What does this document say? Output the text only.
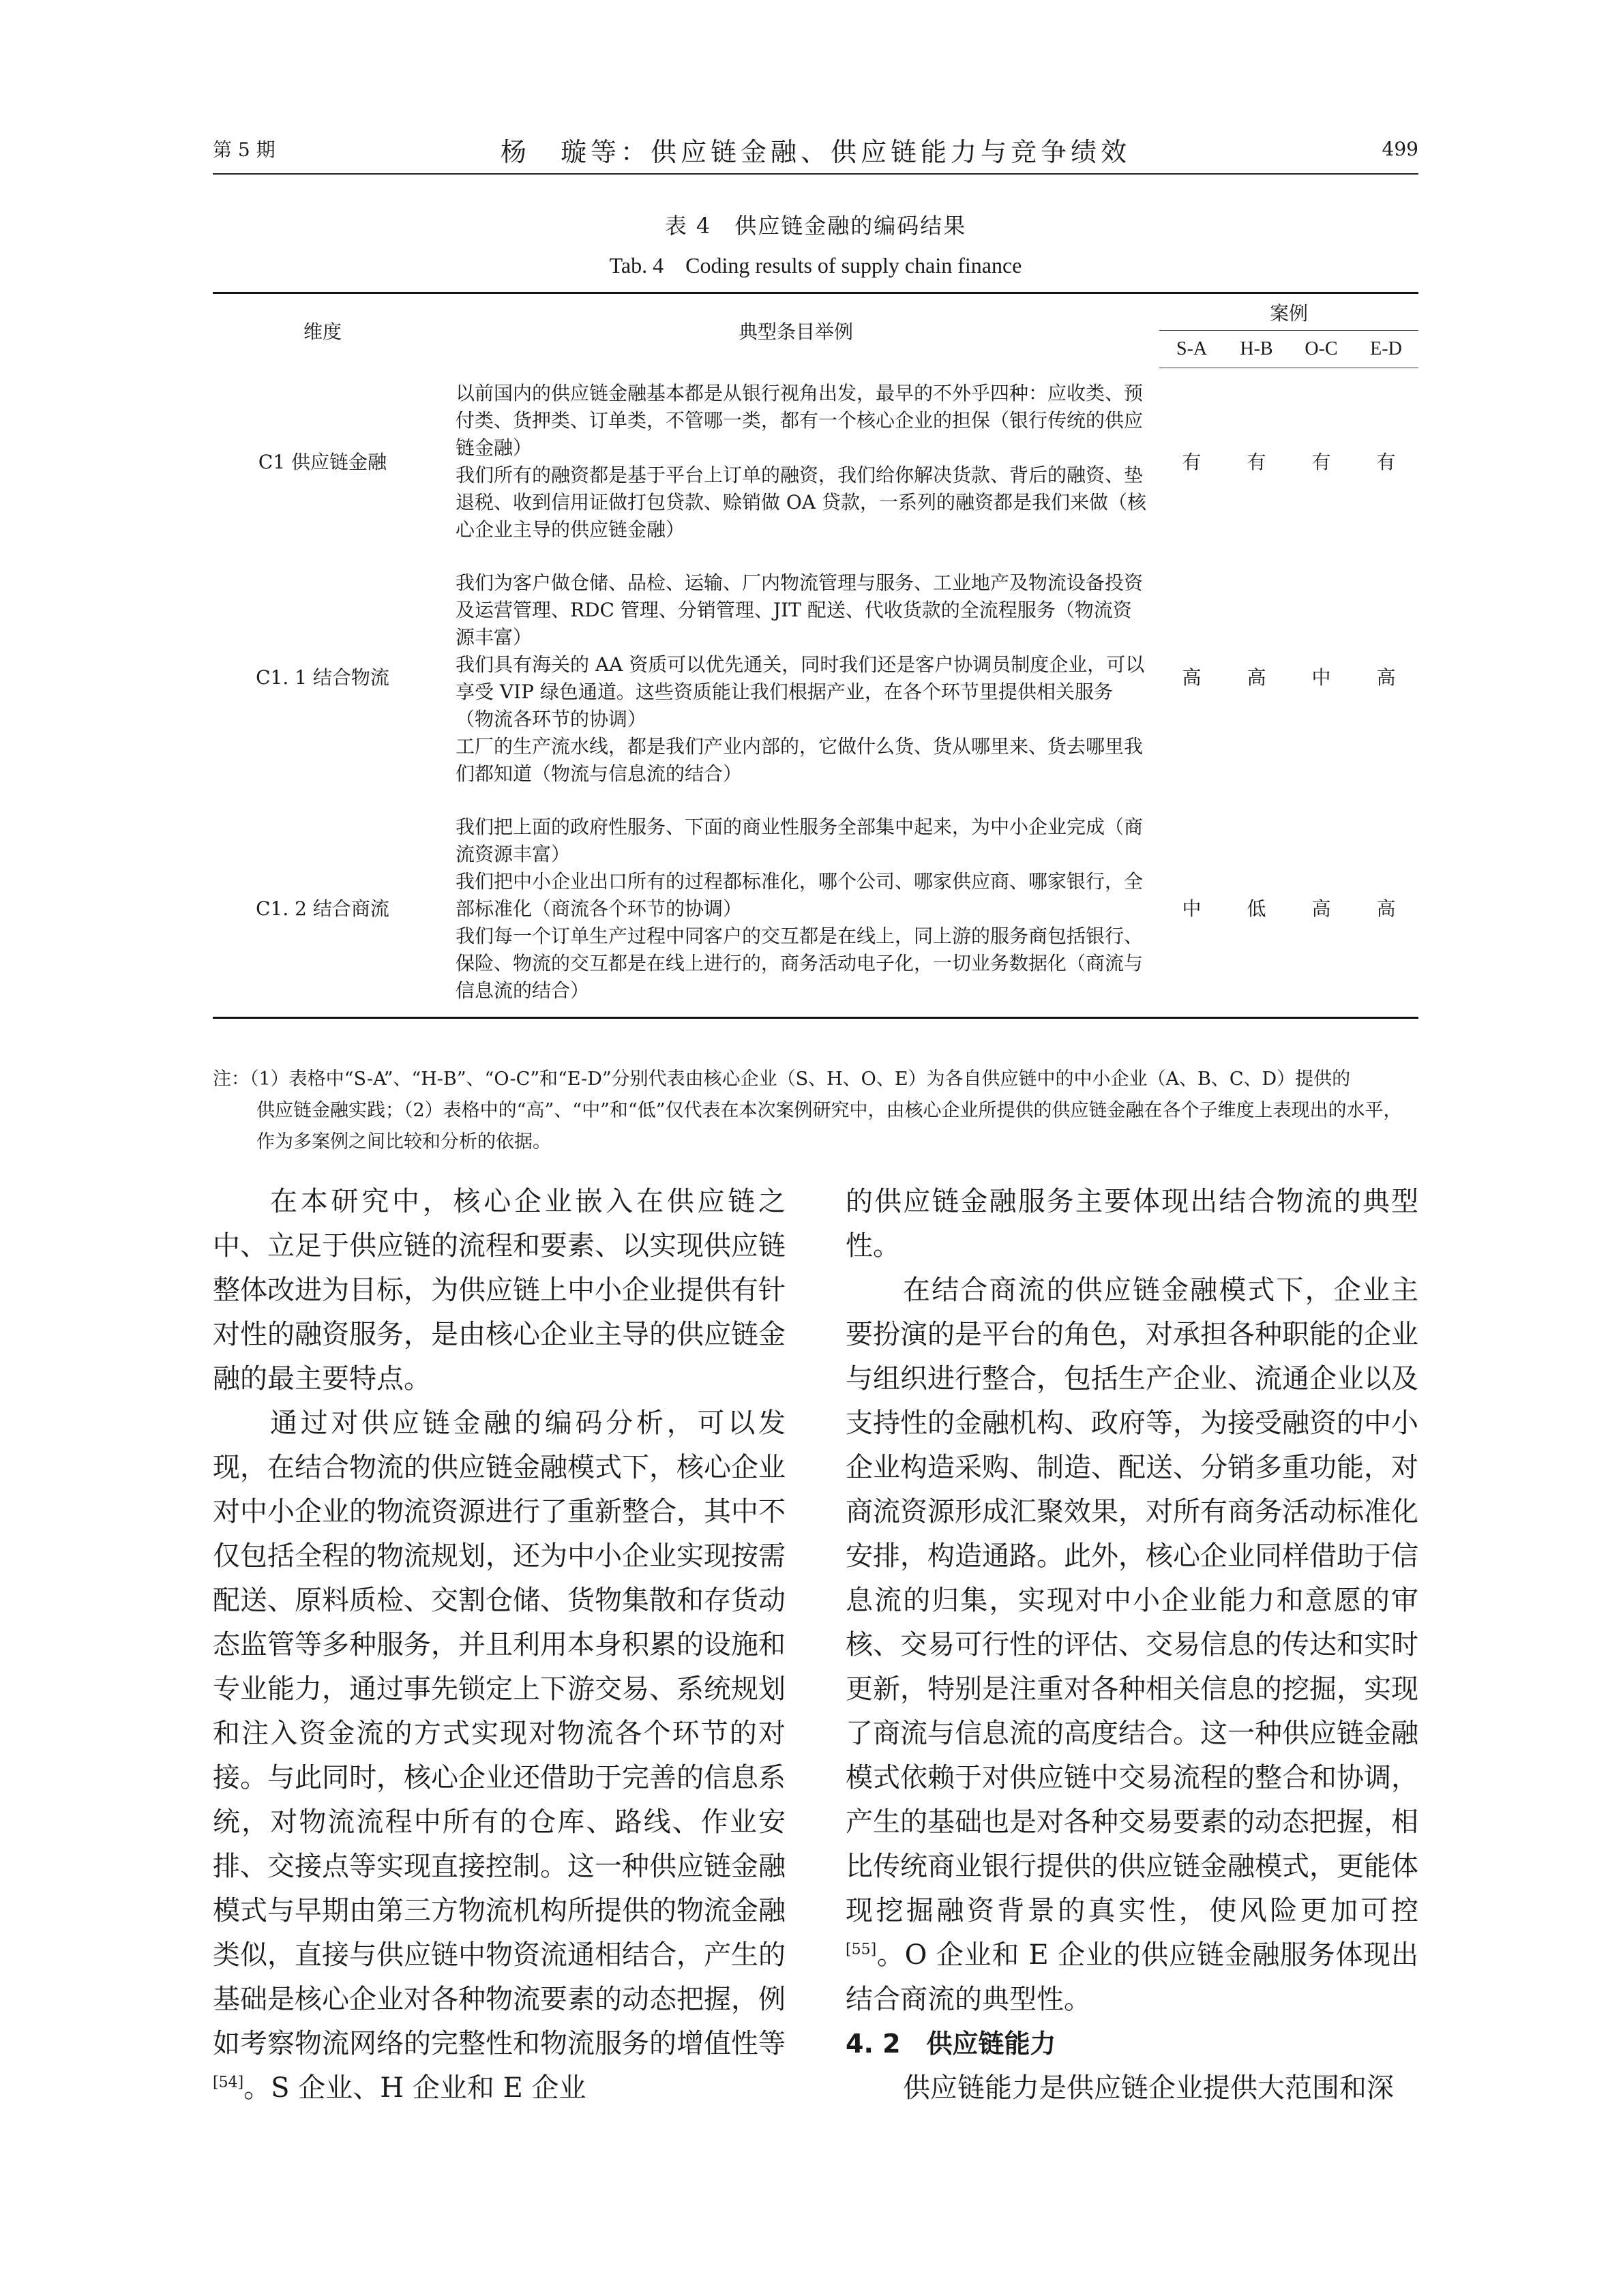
第 5 期	杨　璇等：供应链金融、供应链能力与竞争绩效	499
表 4　供应链金融的编码结果
Tab. 4　Coding results of supply chain finance
维度	典型条目举例	案例			
		S-A	H-B	O-C	E-D
C1 供应链金融	以前国内的供应链金融基本都是从银行视角出发，最早的不外乎四种：应收类、预付类、货押类、订单类，不管哪一类，都有一个核心企业的担保（银行传统的供应链金融）

我们所有的融资都是基于平台上订单的融资，我们给你解决货款、背后的融资、垫退税、收到信用证做打包贷款、赊销做 OA 贷款，一系列的融资都是我们来做（核心企业主导的供应链金融）	有	有	有	有
C1. 1 结合物流	我们为客户做仓储、品检、运输、厂内物流管理与服务、工业地产及物流设备投资及运营管理、RDC 管理、分销管理、JIT 配送、代收货款的全流程服务（物流资源丰富）

我们具有海关的 AA 资质可以优先通关，同时我们还是客户协调员制度企业，可以享受 VIP 绿色通道。这些资质能让我们根据产业，在各个环节里提供相关服务（物流各环节的协调）

工厂的生产流水线，都是我们产业内部的，它做什么货、货从哪里来、货去哪里我们都知道（物流与信息流的结合）	高	高	中	高
C1. 2 结合商流	我们把上面的政府性服务、下面的商业性服务全部集中起来，为中小企业完成（商流资源丰富）

我们把中小企业出口所有的过程都标准化，哪个公司、哪家供应商、哪家银行，全部标准化（商流各个环节的协调）

我们每一个订单生产过程中同客户的交互都是在线上，同上游的服务商包括银行、保险、物流的交互都是在线上进行的，商务活动电子化，一切业务数据化（商流与信息流的结合）	中	低	高	高
注：（1）表格中“S-A”、“H-B”、“O-C”和“E-D”分别代表由核心企业（S、H、O、E）为各自供应链中的中小企业（A、B、C、D）提供的
供应链金融实践；（2）表格中的“高”、“中”和“低”仅代表在本次案例研究中，由核心企业所提供的供应链金融在各个子维度上表现出的水平，作为多案例之间比较和分析的依据。

在本研究中，核心企业嵌入在供应链之中、立足于供应链的流程和要素、以实现供应链整体改进为目标，为供应链上中小企业提供有针对性的融资服务，是由核心企业主导的供应链金融的最主要特点。

通过对供应链金融的编码分析，可以发现，在结合物流的供应链金融模式下，核心企业对中小企业的物流资源进行了重新整合，其中不仅包括全程的物流规划，还为中小企业实现按需配送、原料质检、交割仓储、货物集散和存货动态监管等多种服务，并且利用本身积累的设施和专业能力，通过事先锁定上下游交易、系统规划和注入资金流的方式实现对物流各个环节的对接。与此同时，核心企业还借助于完善的信息系统，对物流流程中所有的仓库、路线、作业安排、交接点等实现直接控制。这一种供应链金融模式与早期由第三方物流机构所提供的物流金融类似，直接与供应链中物资流通相结合，产生的基础是核心企业对各种物流要素的动态把握，例如考察物流网络的完整性和物流服务的增值性等[54]。S 企业、H 企业和 E 企业

的供应链金融服务主要体现出结合物流的典型性。

在结合商流的供应链金融模式下，企业主要扮演的是平台的角色，对承担各种职能的企业与组织进行整合，包括生产企业、流通企业以及支持性的金融机构、政府等，为接受融资的中小企业构造采购、制造、配送、分销多重功能，对商流资源形成汇聚效果，对所有商务活动标准化安排，构造通路。此外，核心企业同样借助于信息流的归集，实现对中小企业能力和意愿的审核、交易可行性的评估、交易信息的传达和实时更新，特别是注重对各种相关信息的挖掘，实现了商流与信息流的高度结合。这一种供应链金融模式依赖于对供应链中交易流程的整合和协调，产生的基础也是对各种交易要素的动态把握，相比传统商业银行提供的供应链金融模式，更能体现挖掘融资背景的真实性，使风险更加可控[55]。O 企业和 E 企业的供应链金融服务体现出结合商流的典型性。

4. 2　供应链能力

供应链能力是供应链企业提供大范围和深
